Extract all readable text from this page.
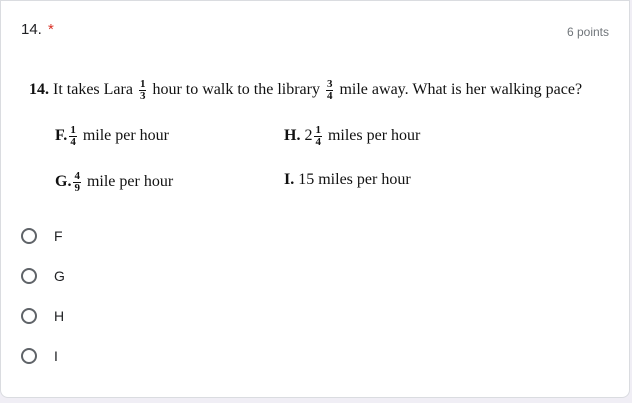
14. *	6 points
14. It takes Lara $\frac{1}{3}$ hour to walk to the library $\frac{3}{4}$ mile away. What is her walking pace?
F. $\frac{1}{4}$ mile per hour	H. $2 \frac{1}{4}$ miles per hour
G. $\frac{4}{9}$ mile per hour	I. 15 miles per hour
F
G
H
I
